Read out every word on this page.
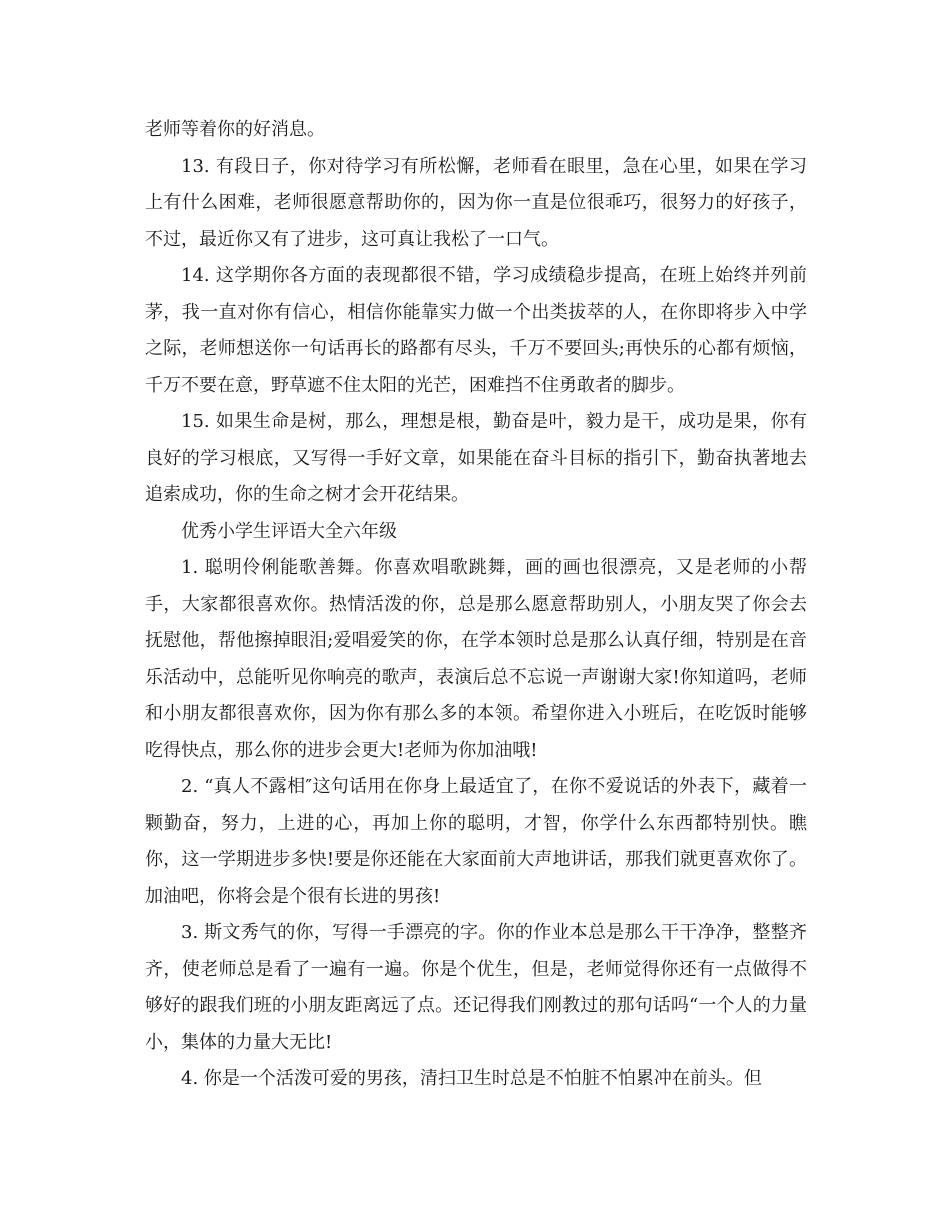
老师等着你的好消息。

13. 有段日子，你对待学习有所松懈，老师看在眼里，急在心里，如果在学习上有什么困难，老师很愿意帮助你的，因为你一直是位很乖巧，很努力的好孩子，不过，最近你又有了进步，这可真让我松了一口气。

14. 这学期你各方面的表现都很不错，学习成绩稳步提高，在班上始终并列前茅，我一直对你有信心，相信你能靠实力做一个出类拔萃的人，在你即将步入中学之际，老师想送你一句话再长的路都有尽头，千万不要回头;再快乐的心都有烦恼，千万不要在意，野草遮不住太阳的光芒，困难挡不住勇敢者的脚步。

15. 如果生命是树，那么，理想是根，勤奋是叶，毅力是干，成功是果，你有良好的学习根底，又写得一手好文章，如果能在奋斗目标的指引下，勤奋执著地去追索成功，你的生命之树才会开花结果。

优秀小学生评语大全六年级

1. 聪明伶俐能歌善舞。你喜欢唱歌跳舞，画的画也很漂亮，又是老师的小帮手，大家都很喜欢你。热情活泼的你，总是那么愿意帮助别人，小朋友哭了你会去抚慰他，帮他擦掉眼泪;爱唱爱笑的你，在学本领时总是那么认真仔细，特别是在音乐活动中，总能听见你响亮的歌声，表演后总不忘说一声谢谢大家!你知道吗，老师和小朋友都很喜欢你，因为你有那么多的本领。希望你进入小班后，在吃饭时能够吃得快点，那么你的进步会更大!老师为你加油哦!

2. “真人不露相″这句话用在你身上最适宜了，在你不爱说话的外表下，藏着一颗勤奋，努力，上进的心，再加上你的聪明，才智，你学什么东西都特别快。瞧你，这一学期进步多快!要是你还能在大家面前大声地讲话，那我们就更喜欢你了。加油吧，你将会是个很有长进的男孩!

3. 斯文秀气的你，写得一手漂亮的字。你的作业本总是那么干干净净，整整齐齐，使老师总是看了一遍有一遍。你是个优生，但是，老师觉得你还有一点做得不够好的跟我们班的小朋友距离远了点。还记得我们刚教过的那句话吗“一个人的力量小，集体的力量大无比!

4. 你是一个活泼可爱的男孩，清扫卫生时总是不怕脏不怕累冲在前头。但
